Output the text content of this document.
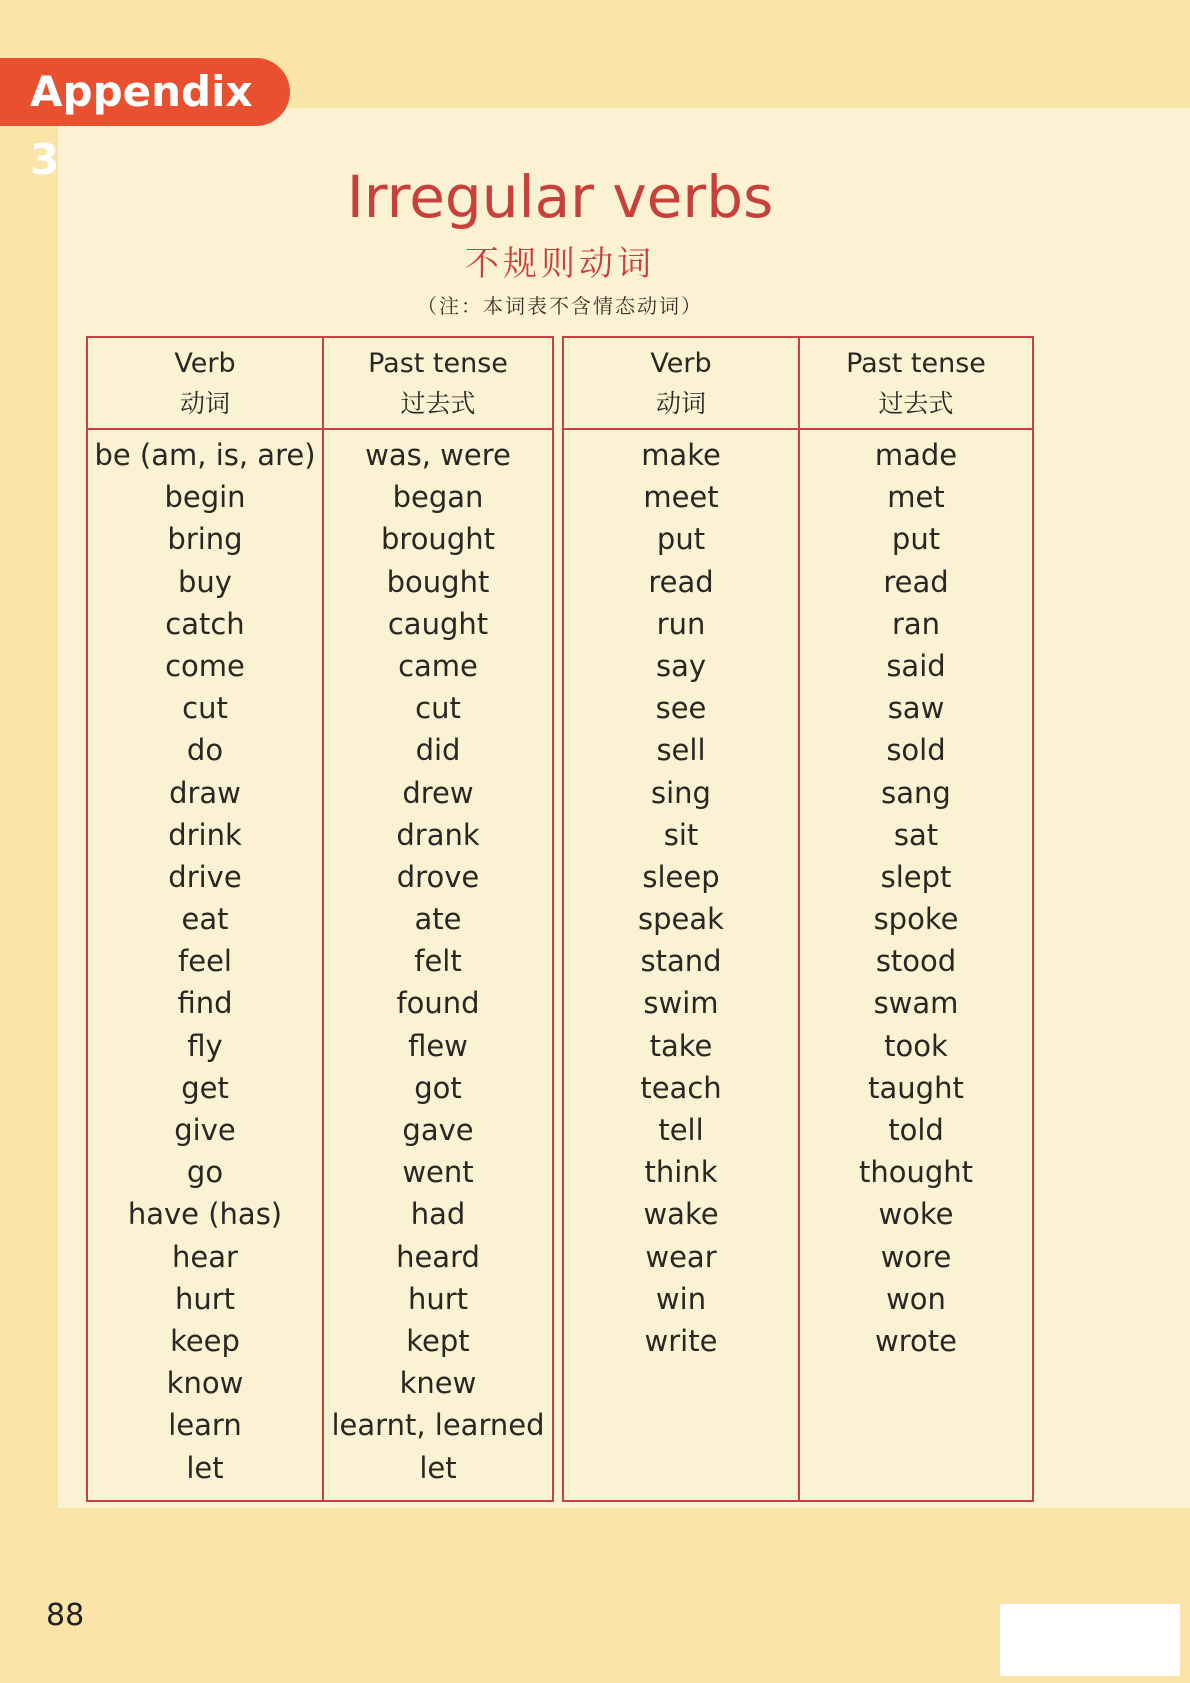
Appendix 3
Irregular verbs
不规则动词
（注：本词表不含情态动词）
Verb
动词
Past tense
过去式
be (am, is, are)
begin
bring
buy
catch
come
cut
do
draw
drink
drive
eat
feel
find
fly
get
give
go
have (has)
hear
hurt
keep
know
learn
let
was, were
began
brought
bought
caught
came
cut
did
drew
drank
drove
ate
felt
found
flew
got
gave
went
had
heard
hurt
kept
knew
learnt, learned
let
Verb
动词
Past tense
过去式
make
meet
put
read
run
say
see
sell
sing
sit
sleep
speak
stand
swim
take
teach
tell
think
wake
wear
win
write
made
met
put
read
ran
said
saw
sold
sang
sat
slept
spoke
stood
swam
took
taught
told
thought
woke
wore
won
wrote
88
